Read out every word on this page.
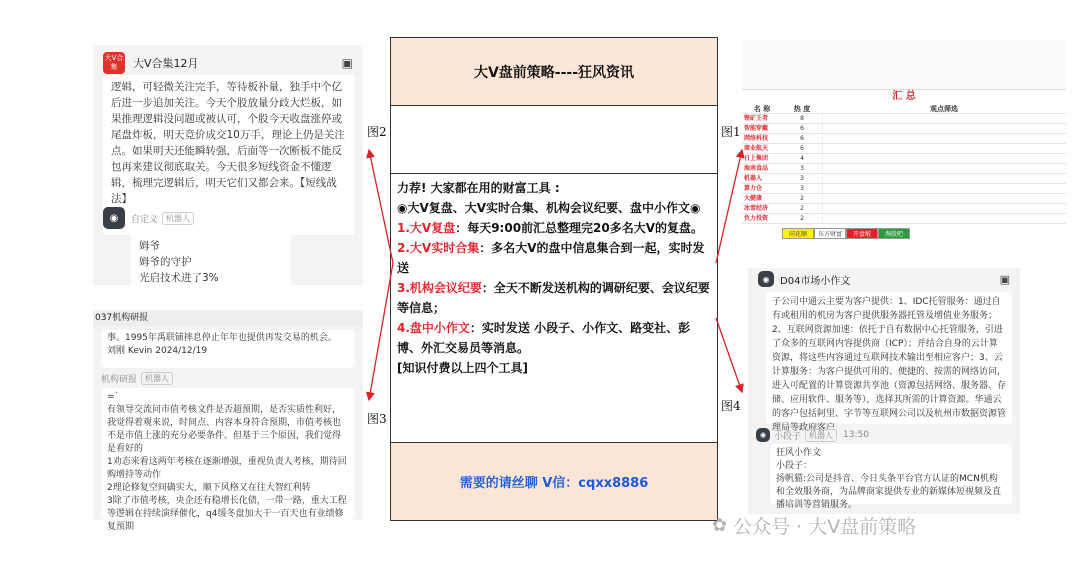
大V合集	大V合集12月	▣
逻辑，可轻微关注完手，等待板补量，独手中个亿后进一步追加关注。今天个股放量分歧大烂板，如果推理逻辑没问题或被认可，个股今天收盘涨停或尾盘炸板，明天竞价成交10万手，理论上仍是关注点。如果明天还能瞬转强，后面等一次断板不能反包再来建议彻底取关。今天很多短线资金不懂逻辑，梳理完逻辑后，明天它们又都会来。【短线战法】
◉	自定义	机器人
姆爷
姆爷的守护
光启技术进了3%
037机构研报
事。1995年禹联铺摔息停止年年也提供再发交易的机会。
刘刚 Kevin 2024/12/19
机构研报	机器人
=`
有领导交流问市值考核文件是否超预期，是否实质性利好，我觉得着观来说，时间点、内容本身符合预期，市值考核也不是市值上涨的充分必要条件。但基于三个原因，我们觉得是看好的
1劝态来看这两年考核在逐渐增强，重视负责人考核，期待回购增持等动作
2理论修复空间确实大，顺下风格又在往大智红利转
3除了市值考核，央企还有稳增长化债，一带一路，重大工程等逻辑在持续演绎催化，q4缓冬盘加大干一百天也有业绩修复预期
大V盘前策略----狂风资讯
力荐! 大家都在用的财富工具 :
◉大V复盘、大V实时合集、机构会议纪要、盘中小作文◉
1.大V复盘：每天9:00前汇总整理完20多名大V的复盘。
2.大V实时合集：多名大V的盘中信息集合到一起，实时发送
3.机构会议纪要：全天不断发送机构的调研纪要、会议纪要等信息；
4.盘中小作文：实时发送 小段子、小作文、路变社、彭博、外汇交易员等消息。
[知识付费以上四个工具]
需要的请丝聊 V信：cqxx8886
汇 总
名 称	热 度	观点筛选
锂矿王者	8
智能穿戴	6
网络科技	6
商业航天	6
日上集团	4
海南食品	3
机器人	3
算力仓	3
大健康	2
冰雪经济	2
负力投资	2
同花顺	东方财富	开盘啦	淘股吧
◉	D04市场小作文	▣
子公司中通云主要为客户提供：1、IDC托管服务：通过自有或租用的机房为客户提供服务器托管及增值业务服务；2、互联网资源加速：依托于自有数据中心托管服务，引进了众多的互联网内容提供商（ICP）；并结合自身的云计算资源，将这些内容通过互联网技术输出至相应客户；3、云计算服务：为客户提供可用的、便捷的、按需的网络访问，进入可配置的计算资源共享池（资源包括网络、服务器、存储、应用软件、服务等），选择其所需的计算资源。华通云的客户包括阿里、字节等互联网公司以及杭州市数据资源管理局等政府客户
◉ 小段子	机器人	13:50
狂风小作文
小段子：
扬帆猫:公司是抖音、今日头条平台官方认证的MCN机构和全效服务商，为品牌商家提供专业的新媒体短视频及直播培训等营销服务。
图2	图1
图3
图4
✿ 公众号 · 大V盘前策略
